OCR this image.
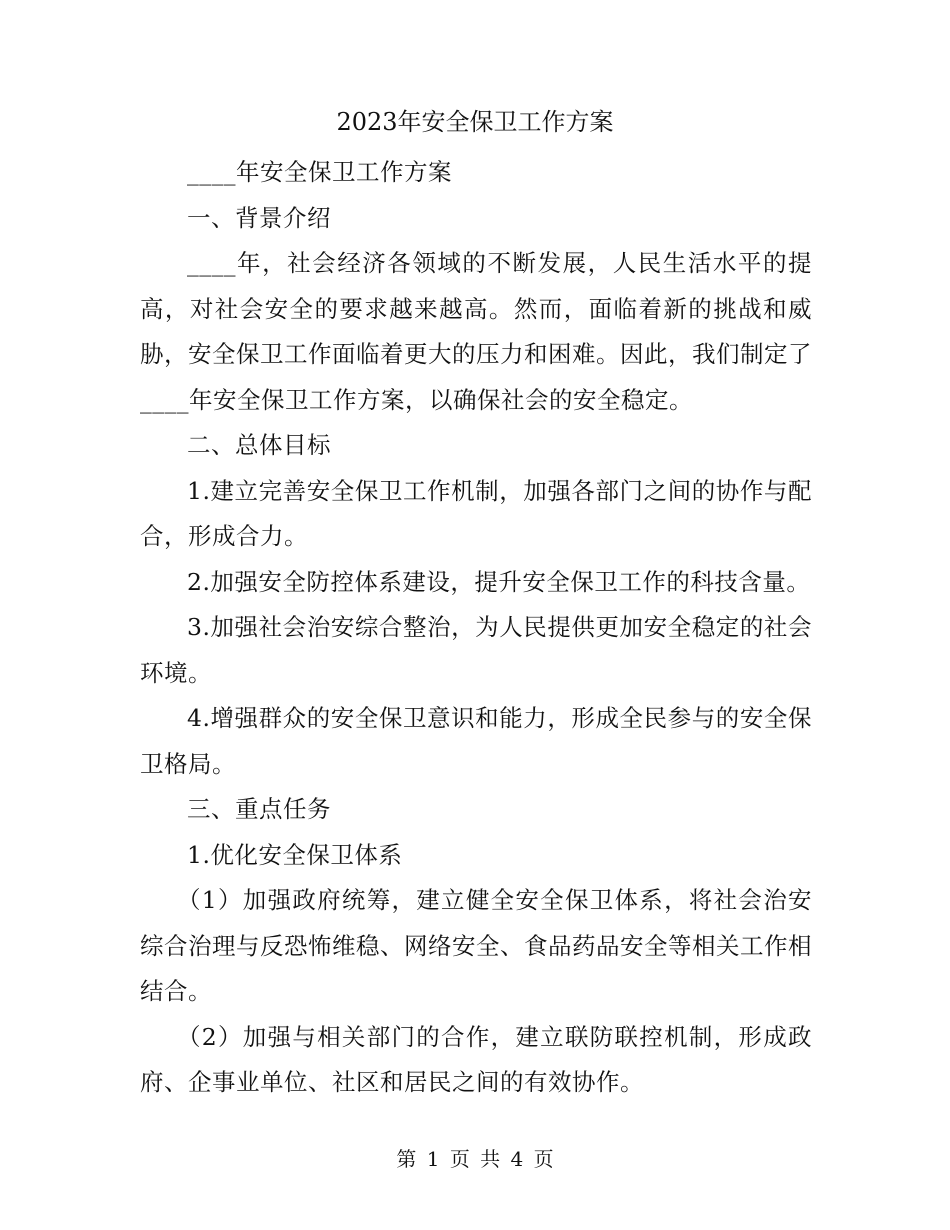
2023年安全保卫工作方案

____年安全保卫工作方案

一、背景介绍

____年，社会经济各领域的不断发展，人民生活水平的提高，对社会安全的要求越来越高。然而，面临着新的挑战和威胁，安全保卫工作面临着更大的压力和困难。因此，我们制定了____年安全保卫工作方案，以确保社会的安全稳定。

二、总体目标

1.建立完善安全保卫工作机制，加强各部门之间的协作与配合，形成合力。

2.加强安全防控体系建设，提升安全保卫工作的科技含量。

3.加强社会治安综合整治，为人民提供更加安全稳定的社会环境。

4.增强群众的安全保卫意识和能力，形成全民参与的安全保卫格局。

三、重点任务

1.优化安全保卫体系

（1）加强政府统筹，建立健全安全保卫体系，将社会治安综合治理与反恐怖维稳、网络安全、食品药品安全等相关工作相结合。

（2）加强与相关部门的合作，建立联防联控机制，形成政府、企事业单位、社区和居民之间的有效协作。

第 1 页 共 4 页
